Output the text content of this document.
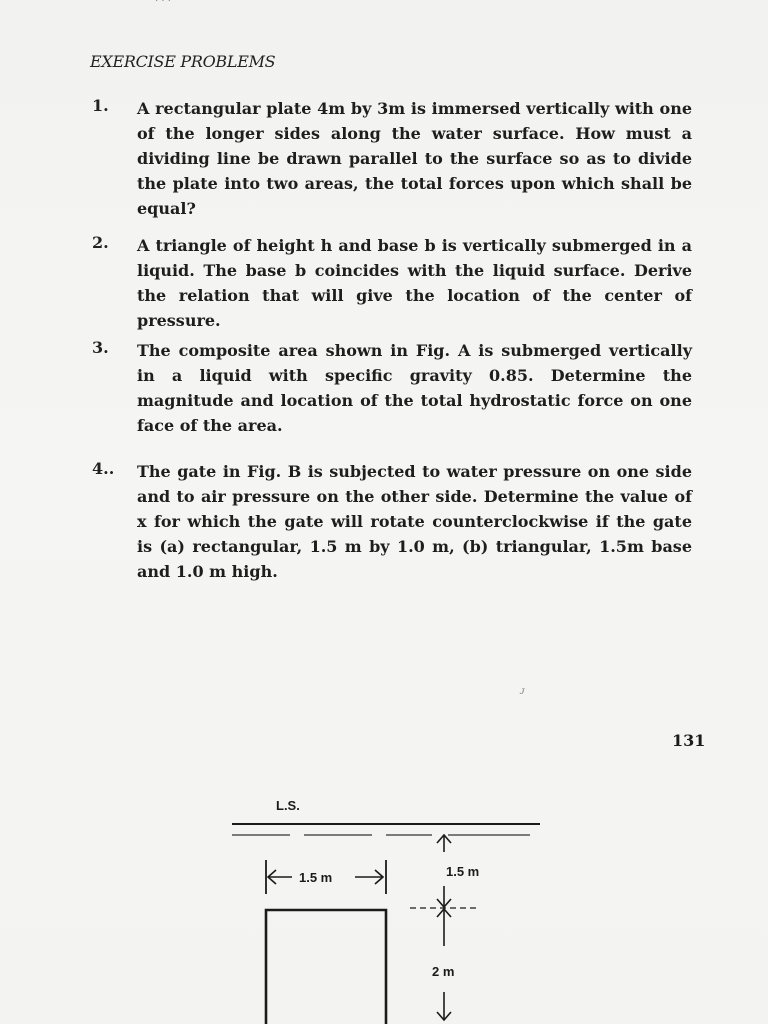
· · ·
EXERCISE PROBLEMS
1. A rectangular plate 4m by 3m is immersed vertically with one of the longer sides along the water surface. How must a dividing line be drawn parallel to the surface so as to divide the plate into two areas, the total forces upon which shall be equal?
2. A triangle of height h and base b is vertically submerged in a liquid. The base b coincides with the liquid surface. Derive the relation that will give the location of the center of pressure.
3. The composite area shown in Fig. A is submerged vertically in a liquid with specific gravity 0.85. Determine the magnitude and location of the total hydrostatic force on one face of the area.
4.. The gate in Fig. B is subjected to water pressure on one side and to air pressure on the other side. Determine the value of x for which the gate will rotate counterclockwise if the gate is (a) rectangular, 1.5 m by 1.0 m, (b) triangular, 1.5m base and 1.0 m high.
131
L.S.
1.5 m	1.5 m
2 m
ᴊ
